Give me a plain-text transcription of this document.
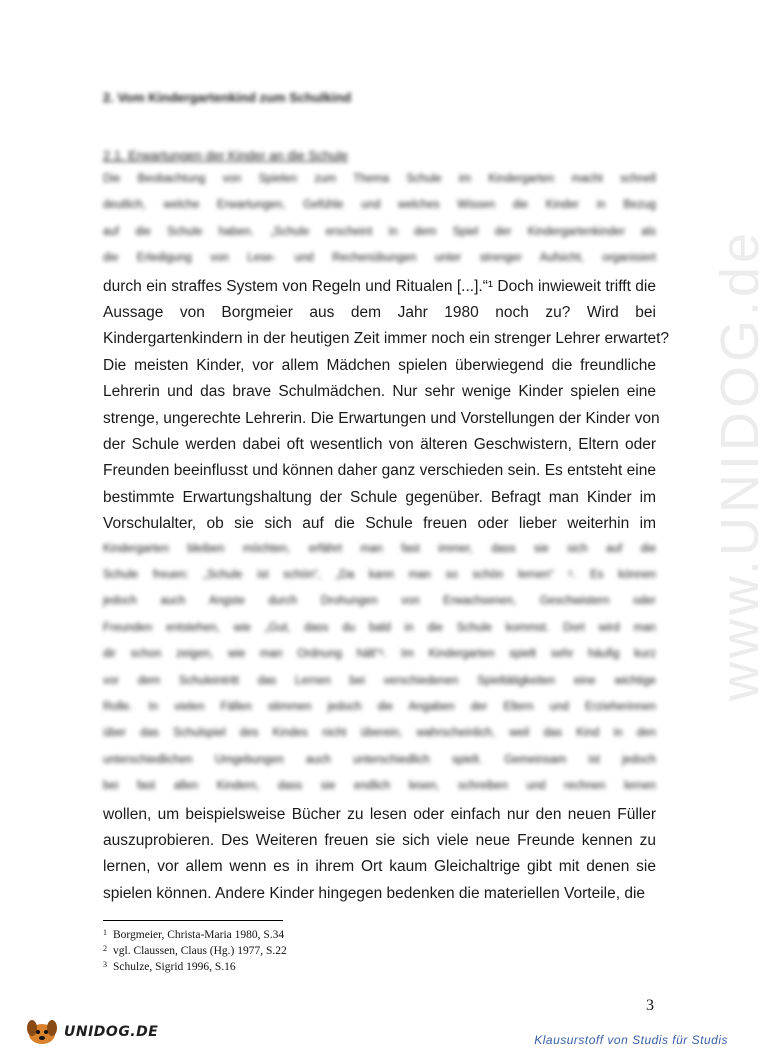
www.UNIDOG.de
2. Vom Kindergartenkind zum Schulkind
2.1. Erwartungen der Kinder an die Schule
Die Beobachtung von Spielen zum Thema Schule im Kindergarten macht schnell
deutlich, welche Erwartungen, Gefühle und welches Wissen die Kinder in Bezug
auf die Schule haben. „Schule erscheint in dem Spiel der Kindergartenkinder als
die Erledigung von Lese- und Rechenübungen unter strenger Aufsicht, organisiert
durch ein straffes System von Regeln und Ritualen [...].“¹ Doch inwieweit trifft die
Aussage von Borgmeier aus dem Jahr 1980 noch zu? Wird bei
Kindergartenkindern in der heutigen Zeit immer noch ein strenger Lehrer erwartet?
Die meisten Kinder, vor allem Mädchen spielen überwiegend die freundliche
Lehrerin und das brave Schulmädchen. Nur sehr wenige Kinder spielen eine
strenge, ungerechte Lehrerin. Die Erwartungen und Vorstellungen der Kinder von
der Schule werden dabei oft wesentlich von älteren Geschwistern, Eltern oder
Freunden beeinflusst und können daher ganz verschieden sein. Es entsteht eine
bestimmte Erwartungshaltung der Schule gegenüber. Befragt man Kinder im
Vorschulalter, ob sie sich auf die Schule freuen oder lieber weiterhin im
Kindergarten bleiben möchten, erfährt man fast immer, dass sie sich auf die
Schule freuen: „Schule ist schön“, „Da kann man so schön lernen“ ². Es können
jedoch auch Ängste durch Drohungen von Erwachsenen, Geschwistern oder
Freunden entstehen, wie „Gut, dass du bald in die Schule kommst. Dort wird man
dir schon zeigen, wie man Ordnung hält“³. Im Kindergarten spielt sehr häufig kurz
vor dem Schuleintritt das Lernen bei verschiedenen Spieltätigkeiten eine wichtige
Rolle. In vielen Fällen stimmen jedoch die Angaben der Eltern und Erzieherinnen
über das Schulspiel des Kindes nicht überein, wahrscheinlich, weil das Kind in den
unterschiedlichen Umgebungen auch unterschiedlich spielt. Gemeinsam ist jedoch
bei fast allen Kindern, dass sie endlich lesen, schreiben und rechnen lernen
wollen, um beispielsweise Bücher zu lesen oder einfach nur den neuen Füller
auszuprobieren. Des Weiteren freuen sie sich viele neue Freunde kennen zu
lernen, vor allem wenn es in ihrem Ort kaum Gleichaltrige gibt mit denen sie
spielen können. Andere Kinder hingegen bedenken die materiellen Vorteile, die
$^1$ Borgmeier, Christa-Maria 1980, S.34
$^2$ vgl. Claussen, Claus (Hg.) 1977, S.22
$^3$ Schulze, Sigrid 1996, S.16
3
UNIDOG.DE	Klausurstoff von Studis für Studis
